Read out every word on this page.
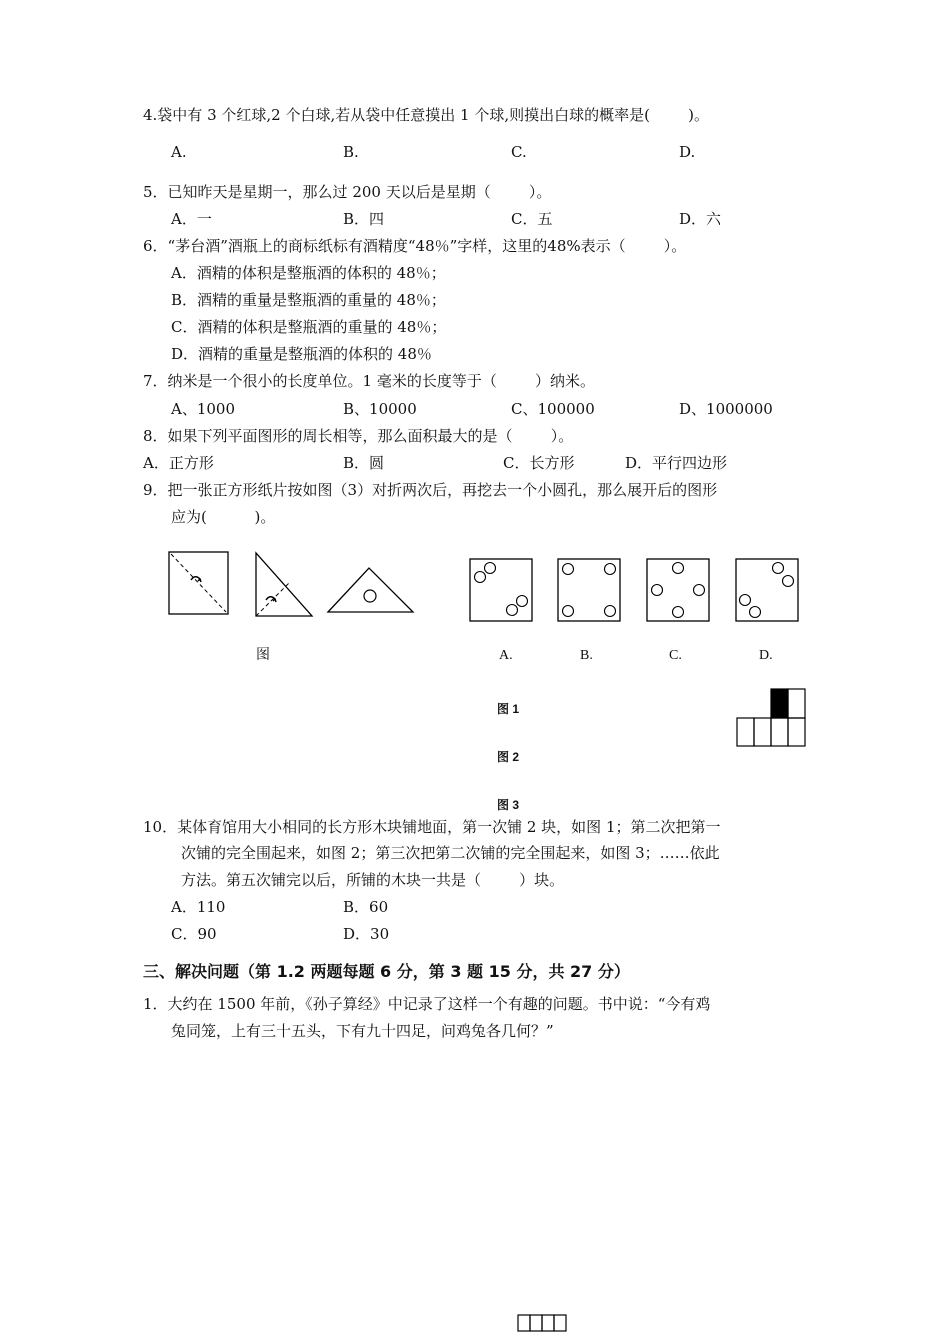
4.袋中有 3 个红球,2 个白球,若从袋中任意摸出 1 个球,则摸出白球的概率是(        )。
A.	B.	C.	D.
5．已知昨天是星期一，那么过 200 天以后是星期（        ）。
A．一	B．四	C．五	D．六
6．“茅台酒”酒瓶上的商标纸标有酒精度“48％”字样，这里的48%表示（        ）。
A．酒精的体积是整瓶酒的体积的 48％；
B．酒精的重量是整瓶酒的重量的 48％；
C．酒精的体积是整瓶酒的重量的 48％；
D．酒精的重量是整瓶酒的体积的 48％
7．纳米是一个很小的长度单位。1 毫米的长度等于（        ）纳米。
A、1000	B、10000	C、100000	D、1000000
8．如果下列平面图形的周长相等，那么面积最大的是（        ）。
A．正方形	B．圆	C．长方形	D．平行四边形
9．把一张正方形纸片按如图（3）对折两次后，再挖去一个小圆孔，那么展开后的图形
应为(          )。
图	A.	B.	C.	D.
图 1
图 2
图 3
10．某体育馆用大小相同的长方形木块铺地面，第一次铺 2 块，如图 1；第二次把第一
次铺的完全围起来，如图 2；第三次把第二次铺的完全围起来，如图 3；……依此
方法。第五次铺完以后，所铺的木块一共是（        ）块。
A．110	B．60
C．90	D．30
三、解决问题（第 1.2 两题每题 6 分，第 3 题 15 分，共 27 分）
1．大约在 1500 年前，《孙子算经》中记录了这样一个有趣的问题。书中说：“今有鸡
兔同笼，上有三十五头，下有九十四足，问鸡兔各几何？”
